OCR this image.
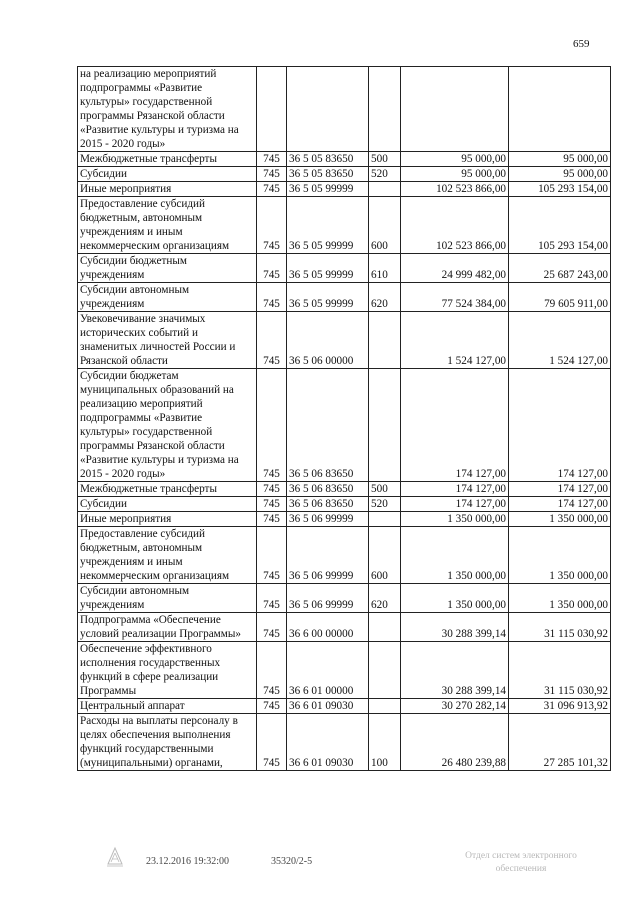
659
на реализацию мероприятий подпрограммы «Развитие культуры» государственной программы Рязанской области «Развитие культуры и туризма на 2015 - 2020 годы»					
Межбюджетные трансферты	745	36 5 05 83650	500	95 000,00	95 000,00
Субсидии	745	36 5 05 83650	520	95 000,00	95 000,00
Иные мероприятия	745	36 5 05 99999		102 523 866,00	105 293 154,00
Предоставление субсидий бюджетным, автономным учреждениям и иным некоммерческим организациям	745	36 5 05 99999	600	102 523 866,00	105 293 154,00
Субсидии бюджетным учреждениям	745	36 5 05 99999	610	24 999 482,00	25 687 243,00
Субсидии автономным учреждениям	745	36 5 05 99999	620	77 524 384,00	79 605 911,00
Увековечивание значимых исторических событий и знаменитых личностей России и Рязанской области	745	36 5 06 00000		1 524 127,00	1 524 127,00
Субсидии бюджетам муниципальных образований на реализацию мероприятий подпрограммы «Развитие культуры» государственной программы Рязанской области «Развитие культуры и туризма на 2015 - 2020 годы»	745	36 5 06 83650		174 127,00	174 127,00
Межбюджетные трансферты	745	36 5 06 83650	500	174 127,00	174 127,00
Субсидии	745	36 5 06 83650	520	174 127,00	174 127,00
Иные мероприятия	745	36 5 06 99999		1 350 000,00	1 350 000,00
Предоставление субсидий бюджетным, автономным учреждениям и иным некоммерческим организациям	745	36 5 06 99999	600	1 350 000,00	1 350 000,00
Субсидии автономным учреждениям	745	36 5 06 99999	620	1 350 000,00	1 350 000,00
Подпрограмма «Обеспечение условий реализации Программы»	745	36 6 00 00000		30 288 399,14	31 115 030,92
Обеспечение эффективного исполнения государственных функций в сфере реализации Программы	745	36 6 01 00000		30 288 399,14	31 115 030,92
Центральный аппарат	745	36 6 01 09030		30 270 282,14	31 096 913,92
Расходы на выплаты персоналу в целях обеспечения выполнения функций государственными (муниципальными) органами,	745	36 6 01 09030	100	26 480 239,88	27 285 101,32
23.12.2016 19:32:00	35320/2-5	Отдел систем электронного
обеспечения
